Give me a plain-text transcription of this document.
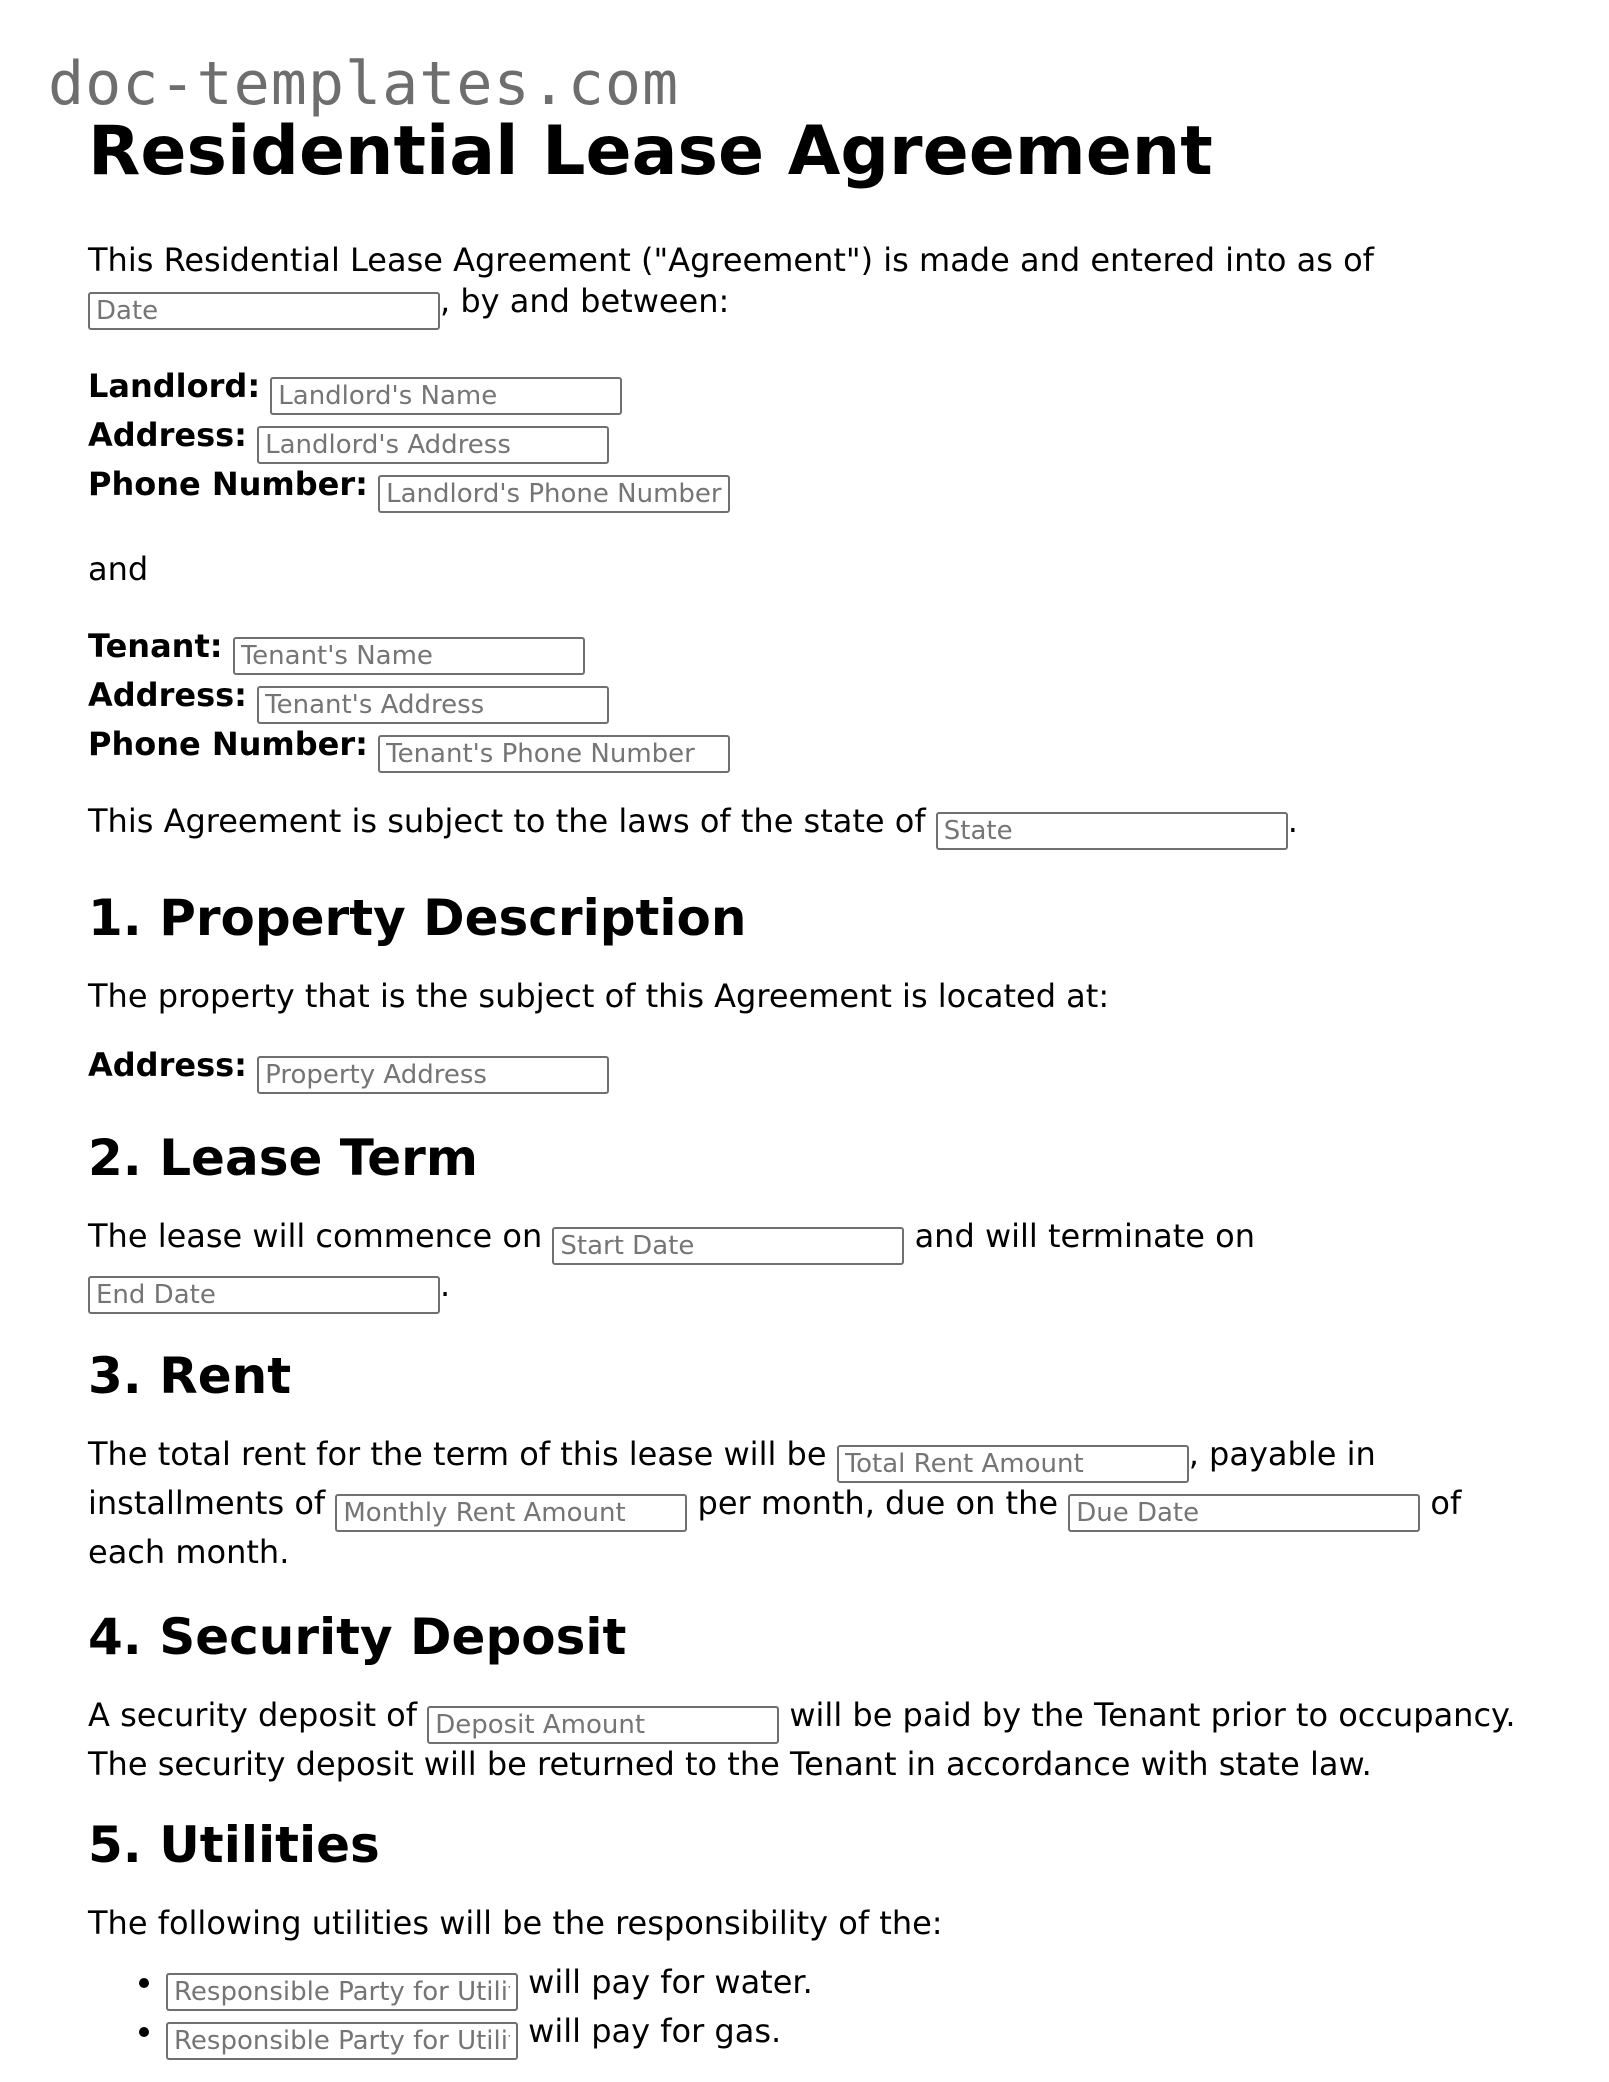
doc-templates.com
Residential Lease Agreement

This Residential Lease Agreement ("Agreement") is made and entered into as of Date, by and between:

Landlord: Landlord's Name

Address: Landlord's Address

Phone Number: Landlord's Phone Number

and

Tenant: Tenant's Name

Address: Tenant's Address

Phone Number: Tenant's Phone Number

This Agreement is subject to the laws of the state of State	.

1. Property Description

The property that is the subject of this Agreement is located at:

Address: Property Address

2. Lease Term

The lease will commence on Start Date	and will terminate on End Date.

3. Rent

The total rent for the term of this lease will be Total Rent Amount	, payable in installments of Monthly Rent Amount	per month, due on the Due Date	of each month.

4. Security Deposit

A security deposit of Deposit Amount	will be paid by the Tenant prior to occupancy. The security deposit will be returned to the Tenant in accordance with state law.

5. Utilities

The following utilities will be the responsibility of the:

Responsible Party for Utilities • will pay for water.
Responsible Party for Utilities • will pay for gas.
